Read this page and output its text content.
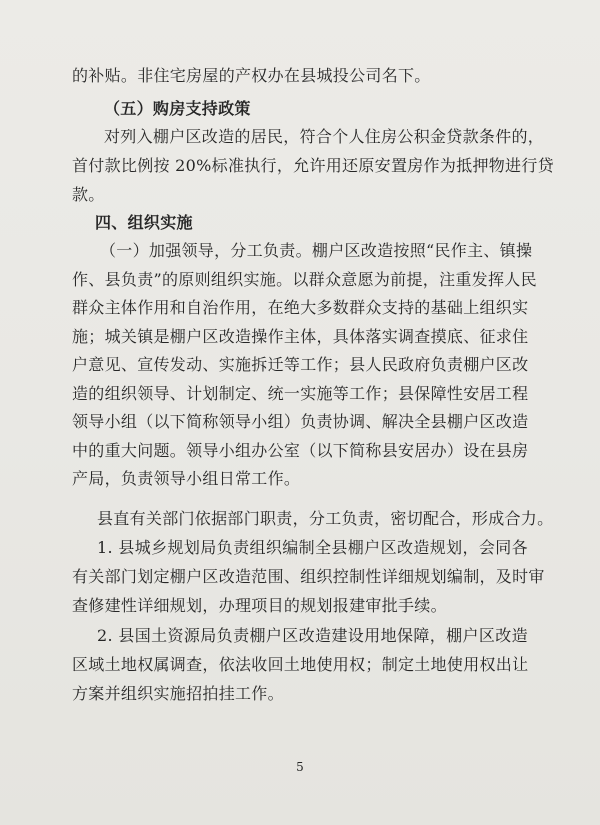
的补贴。非住宅房屋的产权办在县城投公司名下。
（五）购房支持政策
对列入棚户区改造的居民，符合个人住房公积金贷款条件的，
首付款比例按 20%标准执行，允许用还原安置房作为抵押物进行贷
款。
四、组织实施
（一）加强领导，分工负责。棚户区改造按照“民作主、镇操
作、县负责”的原则组织实施。以群众意愿为前提，注重发挥人民
群众主体作用和自治作用，在绝大多数群众支持的基础上组织实
施；城关镇是棚户区改造操作主体，具体落实调查摸底、征求住
户意见、宣传发动、实施拆迁等工作；县人民政府负责棚户区改
造的组织领导、计划制定、统一实施等工作；县保障性安居工程
领导小组（以下简称领导小组）负责协调、解决全县棚户区改造
中的重大问题。领导小组办公室（以下简称县安居办）设在县房
产局，负责领导小组日常工作。
县直有关部门依据部门职责，分工负责，密切配合，形成合力。
1. 县城乡规划局负责组织编制全县棚户区改造规划，会同各
有关部门划定棚户区改造范围、组织控制性详细规划编制，及时审
查修建性详细规划，办理项目的规划报建审批手续。
2. 县国土资源局负责棚户区改造建设用地保障，棚户区改造
区域土地权属调查，依法收回土地使用权；制定土地使用权出让
方案并组织实施招拍挂工作。
5
